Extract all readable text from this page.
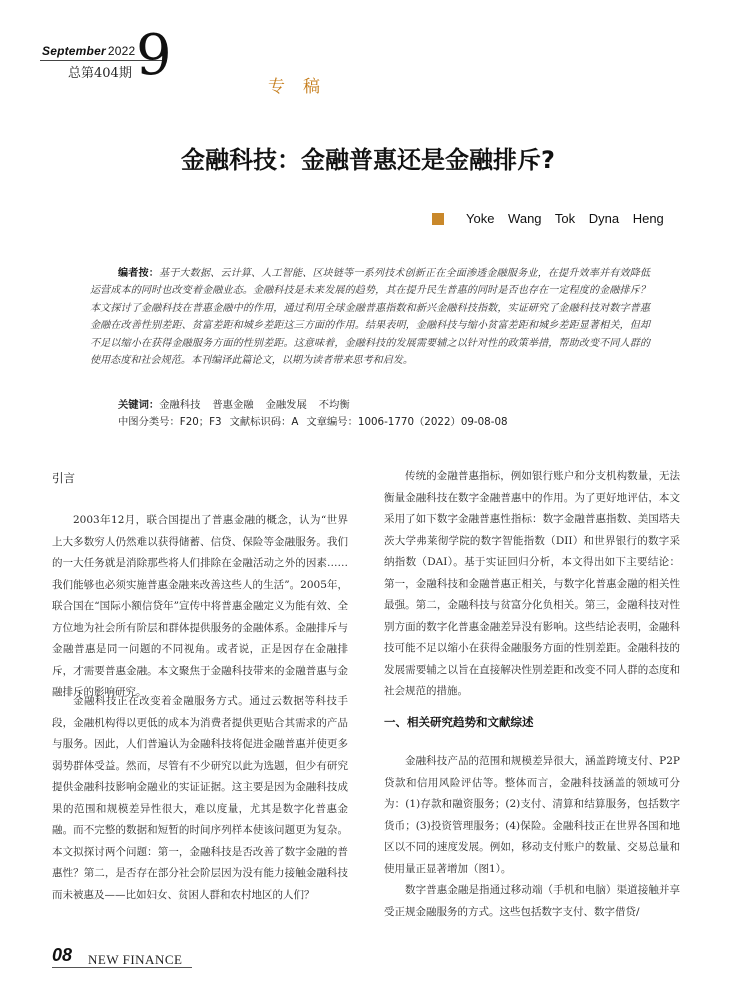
September 2022
总第404期 9	专稿
金融科技：金融普惠还是金融排斥?
Yoke Wang Tok Dyna Heng
编者按：基于大数据、云计算、人工智能、区块链等一系列技术创新正在全面渗透金融服务业，在提升效率并有效降低运营成本的同时也改变着金融业态。金融科技是未来发展的趋势，其在提升民生普惠的同时是否也存在一定程度的金融排斥？本文探讨了金融科技在普惠金融中的作用，通过利用全球金融普惠指数和新兴金融科技指数，实证研究了金融科技对数字普惠金融在改善性别差距、贫富差距和城乡差距这三方面的作用。结果表明，金融科技与缩小贫富差距和城乡差距显著相关，但却不足以缩小在获得金融服务方面的性别差距。这意味着，金融科技的发展需要辅之以针对性的政策举措，帮助改变不同人群的使用态度和社会规范。本刊编译此篇论文，以期为读者带来思考和启发。
关键词：金融科技 普惠金融 金融发展 不均衡
中图分类号：F20；F3 文献标识码：A 文章编号：1006-1770（2022）09-08-08
引言

2003年12月，联合国提出了普惠金融的概念，认为“世界上大多数穷人仍然难以获得储蓄、信贷、保险等金融服务。我们的一大任务就是消除那些将人们排除在金融活动之外的因素……我们能够也必须实施普惠金融来改善这些人的生活”。2005年，联合国在“国际小额信贷年”宣传中将普惠金融定义为能有效、全方位地为社会所有阶层和群体提供服务的金融体系。金融排斥与金融普惠是同一问题的不同视角。或者说，正是因存在金融排斥，才需要普惠金融。本文聚焦于金融科技带来的金融普惠与金融排斥的影响研究。

金融科技正在改变着金融服务方式。通过云数据等科技手段，金融机构得以更低的成本为消费者提供更贴合其需求的产品与服务。因此，人们普遍认为金融科技将促进金融普惠并使更多弱势群体受益。然而，尽管有不少研究以此为选题，但少有研究提供金融科技影响金融业的实证证据。这主要是因为金融科技成果的范围和规模差异性很大，难以度量，尤其是数字化普惠金融。而不完整的数据和短暂的时间序列样本使该问题更为复杂。本文拟探讨两个问题：第一，金融科技是否改善了数字金融的普惠性？第二，是否存在部分社会阶层因为没有能力接触金融科技而未被惠及——比如妇女、贫困人群和农村地区的人们？

传统的金融普惠指标，例如银行账户和分支机构数量，无法衡量金融科技在数字金融普惠中的作用。为了更好地评估，本文采用了如下数字金融普惠性指标：数字金融普惠指数、美国塔夫茨大学弗莱彻学院的数字智能指数（DII）和世界银行的数字采纳指数（DAI）。基于实证回归分析，本文得出如下主要结论：第一，金融科技和金融普惠正相关，与数字化普惠金融的相关性最强。第二，金融科技与贫富分化负相关。第三，金融科技对性别方面的数字化普惠金融差异没有影响。这些结论表明，金融科技可能不足以缩小在获得金融服务方面的性别差距。金融科技的发展需要辅之以旨在直接解决性别差距和改变不同人群的态度和社会规范的措施。

一、相关研究趋势和文献综述

金融科技产品的范围和规模差异很大，涵盖跨境支付、P2P贷款和信用风险评估等。整体而言，金融科技涵盖的领域可分为：(1)存款和融资服务；(2)支付、清算和结算服务，包括数字货币；(3)投资管理服务；(4)保险。金融科技正在世界各国和地区以不同的速度发展。例如，移动支付账户的数量、交易总量和使用量正显著增加（图1）。

数字普惠金融是指通过移动端（手机和电脑）渠道接触并享受正规金融服务的方式。这些包括数字支付、数字借贷/

08 NEW FINANCE
